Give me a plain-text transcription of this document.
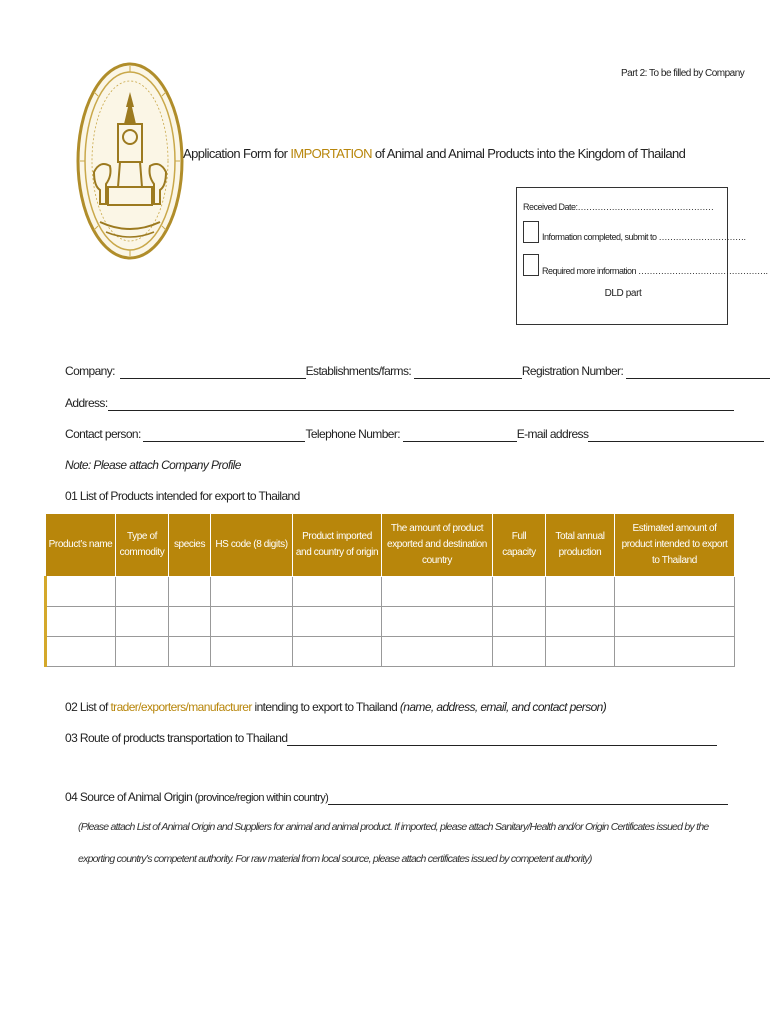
Part 2: To be filled by Company
Application Form for IMPORTATION of Animal and Animal Products into the Kingdom of Thailand
Received Date:…………………………………………
Information completed, submit to ………………………….
Required more information ……………………………………….
DLD part
Company:	Establishments/farms:	Registration Number:
Address:
Contact person:	Telephone Number:	E-mail address
Note: Please attach Company Profile
01 List of Products intended for export to Thailand
Product’s name	Type of commodity	species	HS code (8 digits)	Product imported and country of origin	The amount of product exported and destination country	Full capacity	Total annual production	Estimated amount of product intended to export to Thailand

02 List of trader/exporters/manufacturer intending to export to Thailand (name, address, email, and contact person)
03 Route of products transportation to Thailand
04 Source of Animal Origin (province/region within country)
(Please attach List of Animal Origin and Suppliers for animal and animal product. If imported, please attach Sanitary/Health and/or Origin Certificates issued by the
exporting country’s competent authority. For raw material from local source, please attach certificates issued by competent authority)
